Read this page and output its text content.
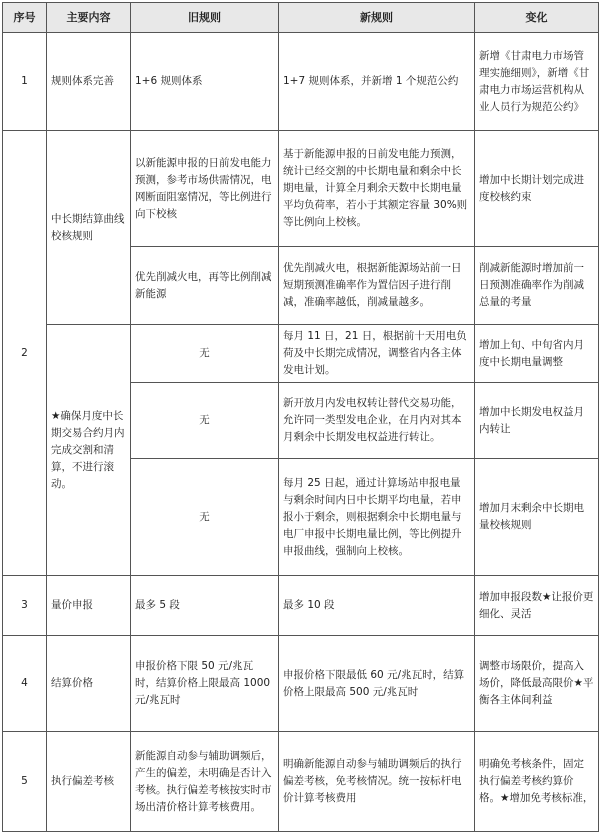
序号	主要内容	旧规则	新规则	变化
1	规则体系完善	1+6 规则体系	1+7 规则体系，并新增 1 个规范公约	新增《甘肃电力市场管理实施细则》，新增《甘肃电力市场运营机构从业人员行为规范公约》
2	中长期结算曲线校核规则	以新能源申报的日前发电能力预测，参考市场供需情况，电网断面阻塞情况，等比例进行向下校核	基于新能源申报的日前发电能力预测，统计已经交割的中长期电量和剩余中长期电量，计算全月剩余天数中长期电量平均负荷率，若小于其额定容量 30%则等比例向上校核。	增加中长期计划完成进度校核约束
		优先削减火电，再等比例削减新能源	优先削减火电，根据新能源场站前一日短期预测准确率作为置信因子进行削减，准确率越低，削减量越多。	削减新能源时增加前一日预测准确率作为削减总量的考量
	★确保月度中长期交易合约月内完成交割和清算，不进行滚动。	无	每月 11 日，21 日，根据前十天用电负荷及中长期完成情况，调整省内各主体发电计划。	增加上旬、中旬省内月度中长期电量调整
		无	新开放月内发电权转让替代交易功能，允许同一类型发电企业，在月内对其本月剩余中长期发电权益进行转让。	增加中长期发电权益月内转让
		无	每月 25 日起，通过计算场站申报电量与剩余时间内日中长期平均电量，若申报小于剩余，则根据剩余中长期电量与电厂申报中长期电量比例，等比例提升申报曲线，强制向上校核。	增加月末剩余中长期电量校核规则
3	量价申报	最多 5 段	最多 10 段	增加申报段数★让报价更细化、灵活
4	结算价格	申报价格下限 50 元/兆瓦时，结算价格上限最高 1000 元/兆瓦时	申报价格下限最低 60 元/兆瓦时，结算价格上限最高 500 元/兆瓦时	调整市场限价，提高入场价，降低最高限价★平衡各主体间利益
5	执行偏差考核	新能源自动参与辅助调频后，产生的偏差，未明确是否计入考核。执行偏差考核按实时市场出清价格计算考核费用。	明确新能源自动参与辅助调频后的执行偏差考核，免考核情况。统一按标杆电价计算考核费用	明确免考核条件，固定执行偏差考核约算价格。★增加免考核标准，
